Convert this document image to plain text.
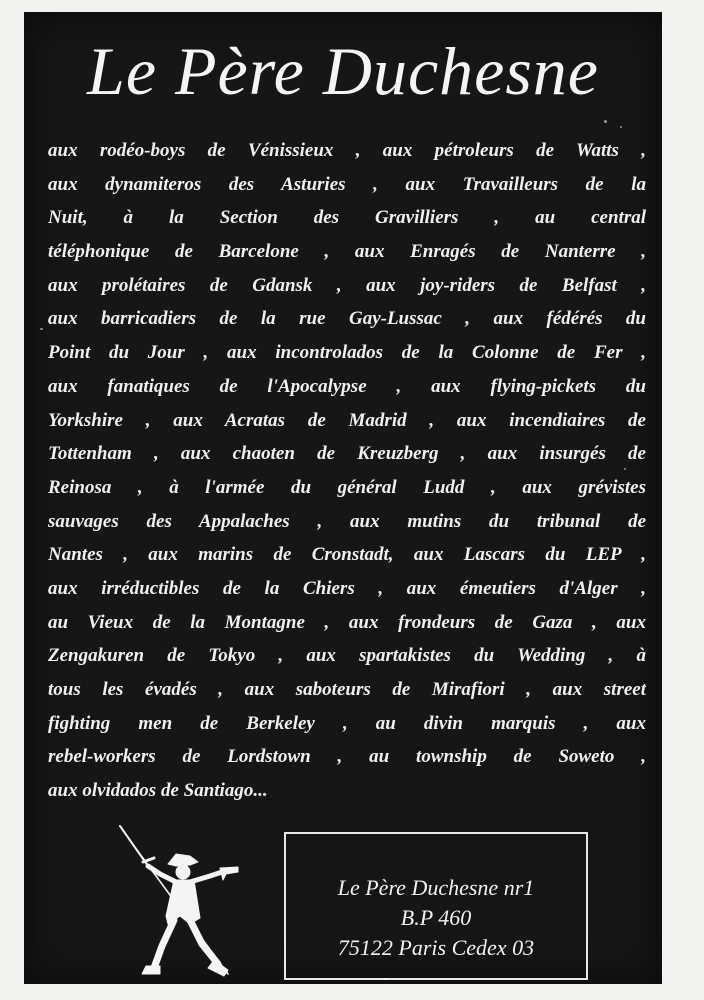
Le Père Duchesne
aux rodéo-boys de Vénissieux , aux pétroleurs de Watts ,
aux dynamiteros des Asturies , aux Travailleurs de la
Nuit, à la Section des Gravilliers , au central
téléphonique de Barcelone , aux Enragés de Nanterre ,
aux prolétaires de Gdansk , aux joy-riders de Belfast ,
aux barricadiers de la rue Gay-Lussac , aux fédérés du
Point du Jour , aux incontrolados de la Colonne de Fer ,
aux fanatiques de l'Apocalypse , aux flying-pickets du
Yorkshire , aux Acratas de Madrid , aux incendiaires de
Tottenham , aux chaoten de Kreuzberg , aux insurgés de
Reinosa , à l'armée du général Ludd , aux grévistes
sauvages des Appalaches , aux mutins du tribunal de
Nantes , aux marins de Cronstadt, aux Lascars du LEP ,
aux irréductibles de la Chiers , aux émeutiers d'Alger ,
au Vieux de la Montagne , aux frondeurs de Gaza , aux
Zengakuren de Tokyo , aux spartakistes du Wedding , à
tous les évadés , aux saboteurs de Mirafiori , aux street
fighting men de Berkeley , au divin marquis , aux
rebel-workers de Lordstown , au township de Soweto ,
aux olvidados de Santiago...
Le Père Duchesne nr1
B.P 460
75122 Paris Cedex 03
